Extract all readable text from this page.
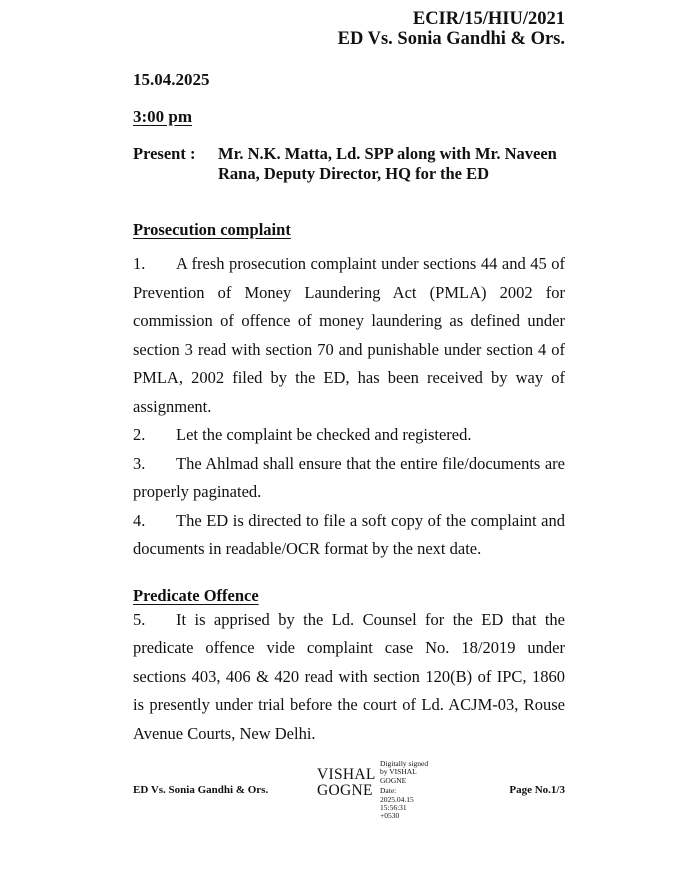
ECIR/15/HIU/2021
ED Vs. Sonia Gandhi & Ors.
15.04.2025
3:00 pm
Present :	Mr. N.K. Matta, Ld. SPP along with Mr. Naveen Rana, Deputy Director, HQ for the ED
Prosecution complaint

1. A fresh prosecution complaint under sections 44 and 45 of Prevention of Money Laundering Act (PMLA) 2002 for commission of offence of money laundering as defined under section 3 read with section 70 and punishable under section 4 of PMLA, 2002 filed by the ED, has been received by way of assignment.

2. Let the complaint be checked and registered.

3. The Ahlmad shall ensure that the entire file/documents are properly paginated.

4. The ED is directed to file a soft copy of the complaint and documents in readable/OCR format by the next date.

Predicate Offence

5. It is apprised by the Ld. Counsel for the ED that the predicate offence vide complaint case No. 18/2019 under sections 403, 406 & 420 read with section 120(B) of IPC, 1860 is presently under trial before the court of Ld. ACJM-03, Rouse Avenue Courts, New Delhi.

ED Vs. Sonia Gandhi & Ors.
VISHAL GOGNE
Digitally signed
by VISHAL
GOGNE
Date:
2025.04.15
15:56:31
+0530
Page No.1/3
